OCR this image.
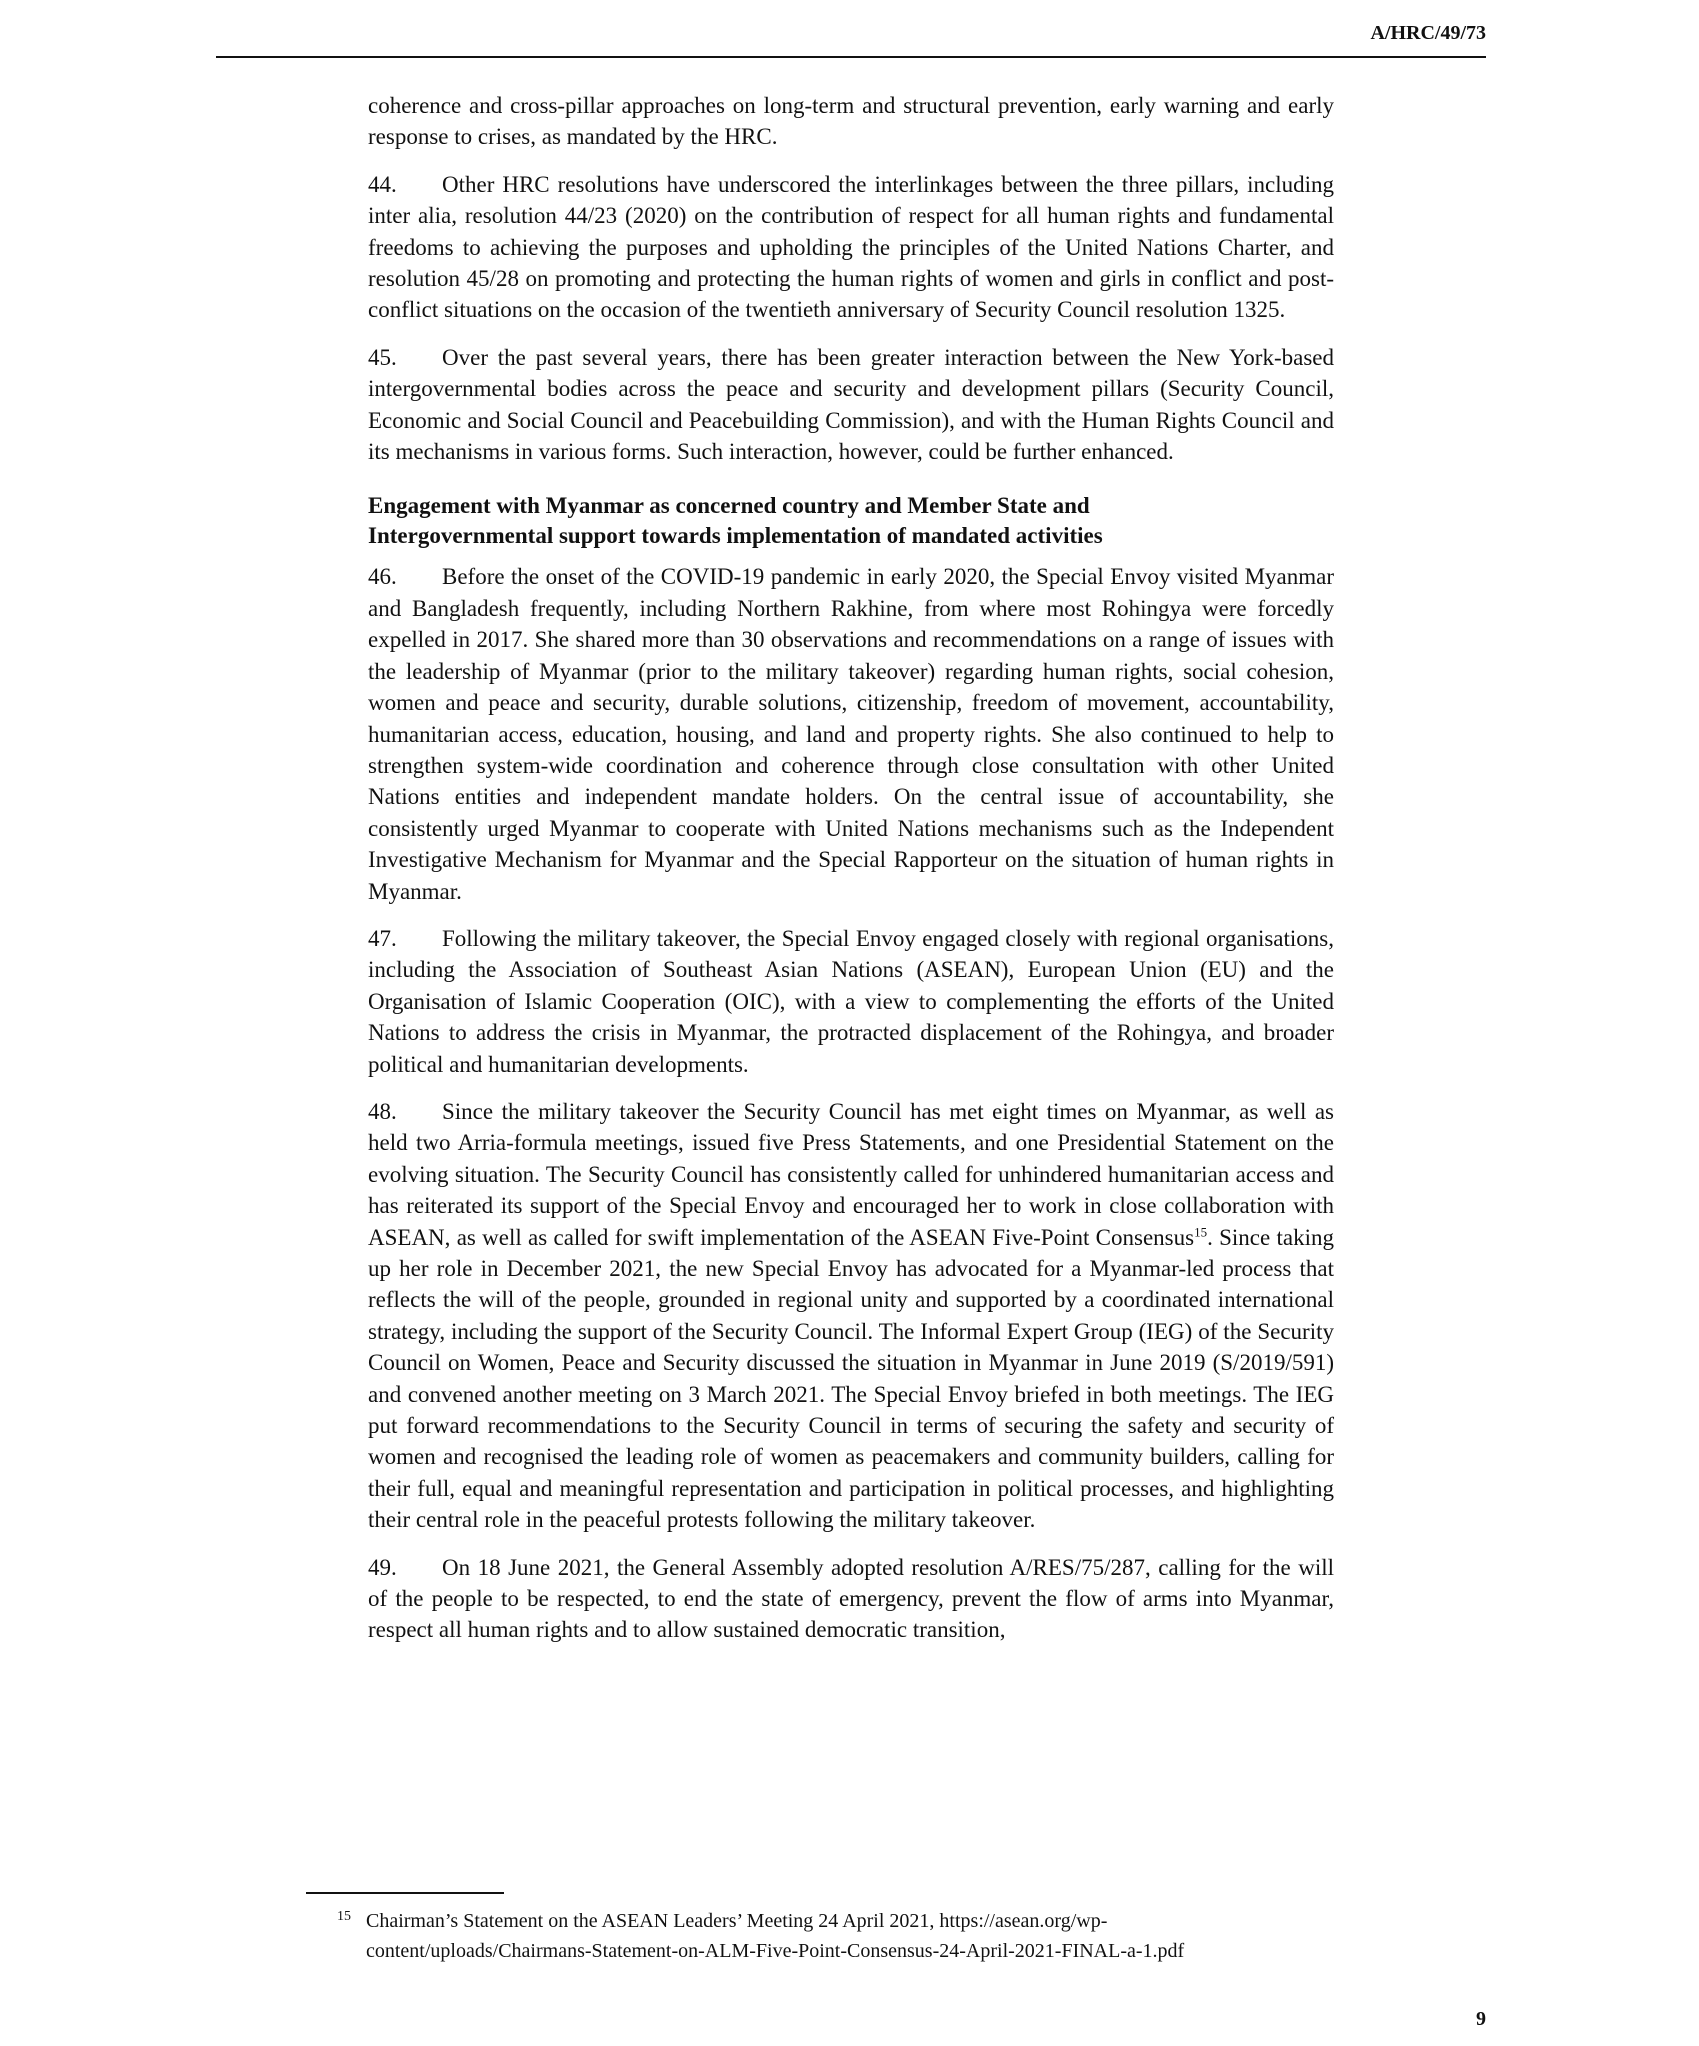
A/HRC/49/73

coherence and cross-pillar approaches on long-term and structural prevention, early warning and early response to crises, as mandated by the HRC.

44. Other HRC resolutions have underscored the interlinkages between the three pillars, including inter alia, resolution 44/23 (2020) on the contribution of respect for all human rights and fundamental freedoms to achieving the purposes and upholding the principles of the United Nations Charter, and resolution 45/28 on promoting and protecting the human rights of women and girls in conflict and post-conflict situations on the occasion of the twentieth anniversary of Security Council resolution 1325.

45. Over the past several years, there has been greater interaction between the New York-based intergovernmental bodies across the peace and security and development pillars (Security Council, Economic and Social Council and Peacebuilding Commission), and with the Human Rights Council and its mechanisms in various forms. Such interaction, however, could be further enhanced.

Engagement with Myanmar as concerned country and Member State and
Intergovernmental support towards implementation of mandated activities

46. Before the onset of the COVID-19 pandemic in early 2020, the Special Envoy visited Myanmar and Bangladesh frequently, including Northern Rakhine, from where most Rohingya were forcedly expelled in 2017. She shared more than 30 observations and recommendations on a range of issues with the leadership of Myanmar (prior to the military takeover) regarding human rights, social cohesion, women and peace and security, durable solutions, citizenship, freedom of movement, accountability, humanitarian access, education, housing, and land and property rights. She also continued to help to strengthen system-wide coordination and coherence through close consultation with other United Nations entities and independent mandate holders. On the central issue of accountability, she consistently urged Myanmar to cooperate with United Nations mechanisms such as the Independent Investigative Mechanism for Myanmar and the Special Rapporteur on the situation of human rights in Myanmar.

47. Following the military takeover, the Special Envoy engaged closely with regional organisations, including the Association of Southeast Asian Nations (ASEAN), European Union (EU) and the Organisation of Islamic Cooperation (OIC), with a view to complementing the efforts of the United Nations to address the crisis in Myanmar, the protracted displacement of the Rohingya, and broader political and humanitarian developments.

48. Since the military takeover the Security Council has met eight times on Myanmar, as well as held two Arria-formula meetings, issued five Press Statements, and one Presidential Statement on the evolving situation. The Security Council has consistently called for unhindered humanitarian access and has reiterated its support of the Special Envoy and encouraged her to work in close collaboration with ASEAN, as well as called for swift implementation of the ASEAN Five-Point Consensus$^{15}$. Since taking up her role in December 2021, the new Special Envoy has advocated for a Myanmar-led process that reflects the will of the people, grounded in regional unity and supported by a coordinated international strategy, including the support of the Security Council. The Informal Expert Group (IEG) of the Security Council on Women, Peace and Security discussed the situation in Myanmar in June 2019 (S/2019/591) and convened another meeting on 3 March 2021. The Special Envoy briefed in both meetings. The IEG put forward recommendations to the Security Council in terms of securing the safety and security of women and recognised the leading role of women as peacemakers and community builders, calling for their full, equal and meaningful representation and participation in political processes, and highlighting their central role in the peaceful protests following the military takeover.

49. On 18 June 2021, the General Assembly adopted resolution A/RES/75/287, calling for the will of the people to be respected, to end the state of emergency, prevent the flow of arms into Myanmar, respect all human rights and to allow sustained democratic transition,

15 Chairman’s Statement on the ASEAN Leaders’ Meeting 24 April 2021, https://asean.org/wp-
content/uploads/Chairmans-Statement-on-ALM-Five-Point-Consensus-24-April-2021-FINAL-a-1.pdf
9
